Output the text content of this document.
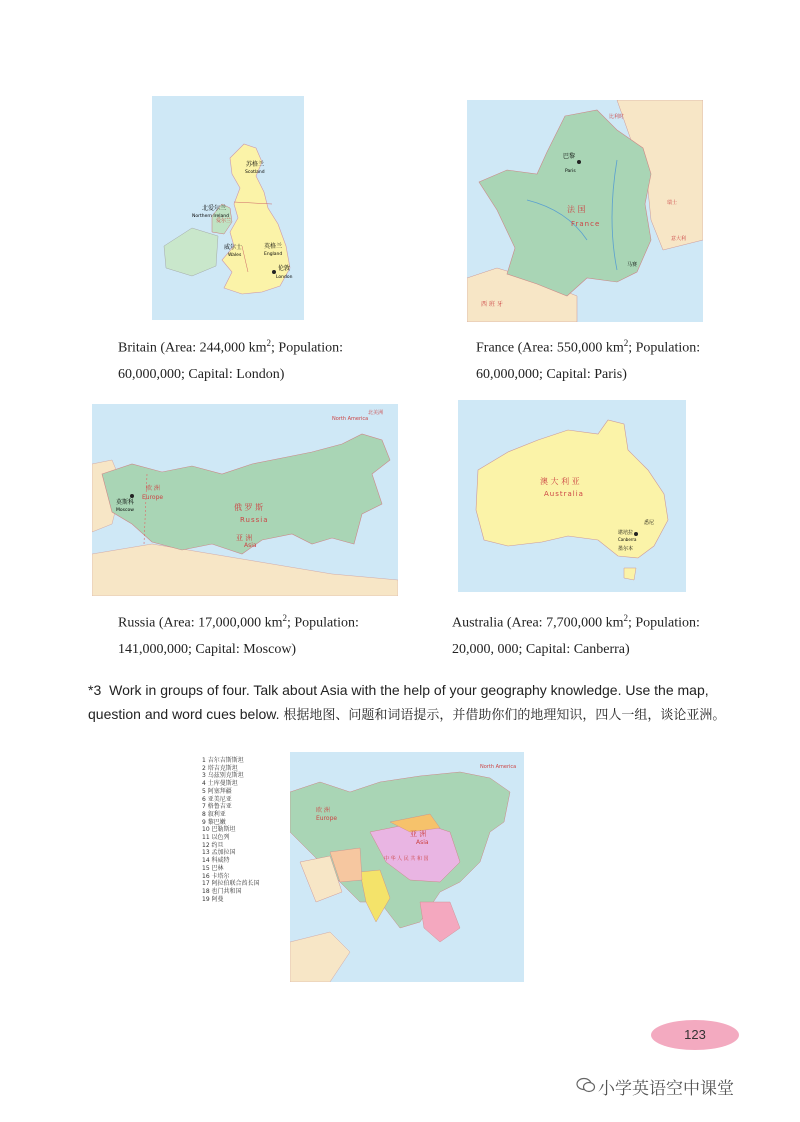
苏格兰
Scotland
北爱尔兰
Northern Ireland
威尔士
Wales
英格兰
England
伦敦
London
爱尔兰
巴黎
Paris
法 国
France
马赛
比利时
瑞士
西 班 牙
意大利
Britain (Area: 244,000 $km^2$; Population:
60,000,000; Capital: London)
France (Area: 550,000 $km^2$; Population:
60,000,000; Capital: Paris)
莫斯科
Moscow
欧 洲
Europe
俄 罗 斯
Russia
亚 洲
Asia
North America
北美洲
澳 大 利 亚
Australia
堪培拉
Canberra
悉尼
墨尔本
Russia (Area: 17,000,000 $km^2$; Population:
141,000,000; Capital: Moscow)
Australia (Area: 7,700,000 $km^2$; Population:
20,000, 000; Capital: Canberra)
*3 Work in groups of four. Talk about Asia with the help of your geography knowledge. Use the map, question and word cues below. 根据地图、问题和词语提示，并借助你们的地理知识，四人一组，谈论亚洲。
1 吉尔吉斯斯坦
2 塔吉克斯坦
3 乌兹别克斯坦
4 土库曼斯坦
5 阿塞拜疆
6 亚美尼亚
7 格鲁吉亚
8 叙利亚
9 黎巴嫩
10 巴勒斯坦
11 以色列
12 约旦
13 孟加拉国
14 科威特
15 巴林
16 卡塔尔
17 阿拉伯联合酋长国
18 也门共和国
19 阿曼
欧 洲
Europe
亚 洲
Asia
中 华 人 民 共 和 国
North America
123
小学英语空中课堂
